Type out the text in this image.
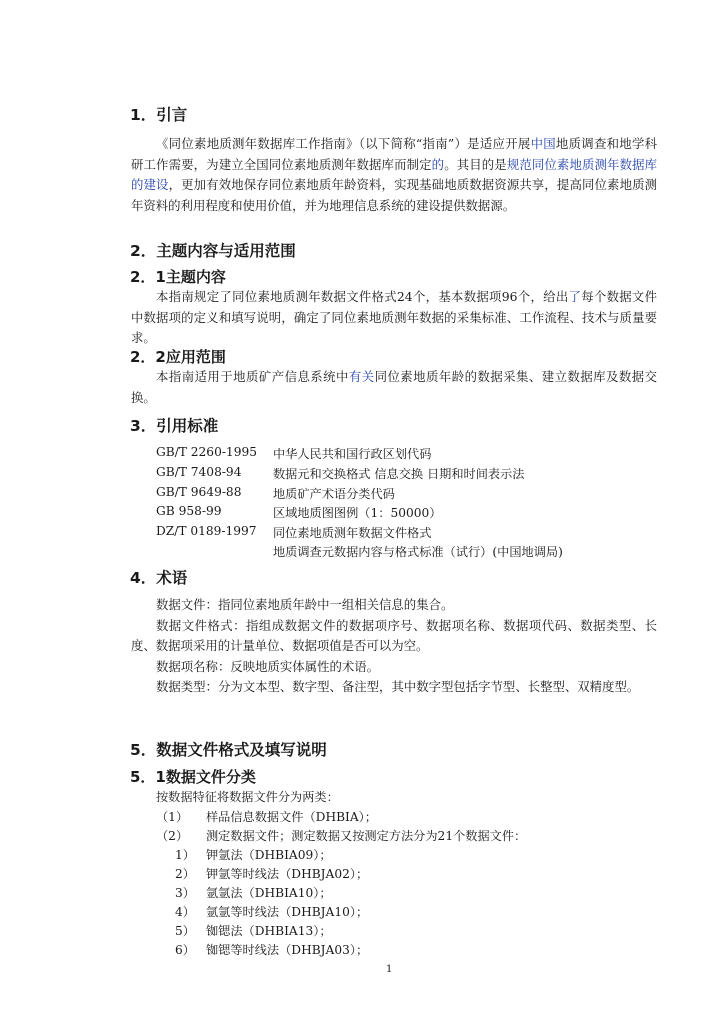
1．引言

《同位素地质测年数据库工作指南》（以下简称“指南”）是适应开展中国地质调查和地学科研工作需要，为建立全国同位素地质测年数据库而制定的。其目的是规范同位素地质测年数据库的建设，更加有效地保存同位素地质年龄资料，实现基础地质数据资源共享，提高同位素地质测年资料的利用程度和使用价值，并为地理信息系统的建设提供数据源。

2．主题内容与适用范围
2．1主题内容

本指南规定了同位素地质测年数据文件格式24个，基本数据项96个，给出了每个数据文件中数据项的定义和填写说明，确定了同位素地质测年数据的采集标准、工作流程、技术与质量要求。

2．2应用范围

本指南适用于地质矿产信息系统中有关同位素地质年龄的数据采集、建立数据库及数据交换。

3．引用标准
GB/T 2260-1995 中华人民共和国行政区划代码
GB/T 7408-94	数据元和交换格式 信息交换 日期和时间表示法
GB/T 9649-88	地质矿产术语分类代码
GB 958-99	区域地质图图例（1：50000）
DZ/T 0189-1997 同位素地质测年数据文件格式
地质调查元数据内容与格式标准（试行）(中国地调局)
4．术语

数据文件：指同位素地质年龄中一组相关信息的集合。

数据文件格式：指组成数据文件的数据项序号、数据项名称、数据项代码、数据类型、长度、数据项采用的计量单位、数据项值是否可以为空。

数据项名称：反映地质实体属性的术语。

数据类型：分为文本型、数字型、备注型，其中数字型包括字节型、长整型、双精度型。

5．数据文件格式及填写说明
5．1数据文件分类
按数据特征将数据文件分为两类：
（1） 样品信息数据文件（DHBIA）；
（2） 测定数据文件；测定数据又按测定方法分为21个数据文件：
1） 钾氩法（DHBIA09）；
2） 钾氩等时线法（DHBJA02）；
3） 氩氩法（DHBIA10）；
4） 氩氩等时线法（DHBJA10）；
5） 铷锶法（DHBIA13）；
6） 铷锶等时线法（DHBJA03）；
1
